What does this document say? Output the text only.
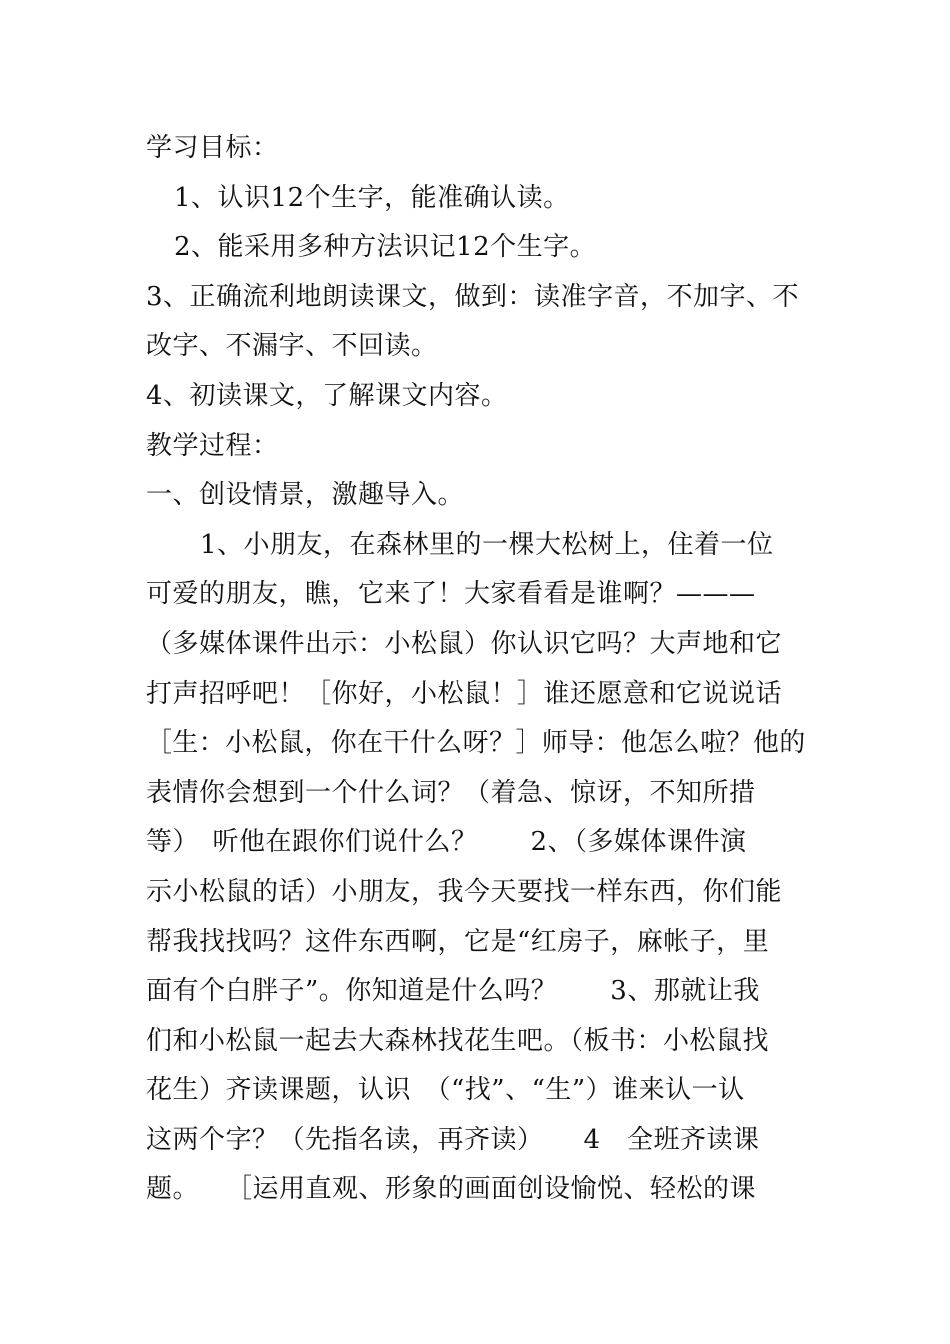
学习目标：
1、认识12个生字，能准确认读。
2、能采用多种方法识记12个生字。
3、正确流利地朗读课文，做到：读准字音，不加字、不
改字、不漏字、不回读。
4、初读课文，了解课文内容。
教学过程：
一、创设情景，激趣导入。
1、小朋友，在森林里的一棵大松树上，住着一位
可爱的朋友，瞧，它来了！大家看看是谁啊？———
（多媒体课件出示：小松鼠）你认识它吗？大声地和它
打声招呼吧！［你好，小松鼠！］谁还愿意和它说说话
［生：小松鼠，你在干什么呀？］师导：他怎么啦？他的
表情你会想到一个什么词？（着急、惊讶，不知所措
等）　听他在跟你们说什么？　　2、（多媒体课件演
示小松鼠的话）小朋友，我今天要找一样东西，你们能
帮我找找吗？这件东西啊，它是“红房子，麻帐子，里
面有个白胖子”。你知道是什么吗？　　3、那就让我
们和小松鼠一起去大森林找花生吧。（板书：小松鼠找
花生）齐读课题，认识　（“找”、“生”）谁来认一认
这两个字？（先指名读，再齐读）　　4　全班齐读课
题。　　［运用直观、形象的画面创设愉悦、轻松的课
